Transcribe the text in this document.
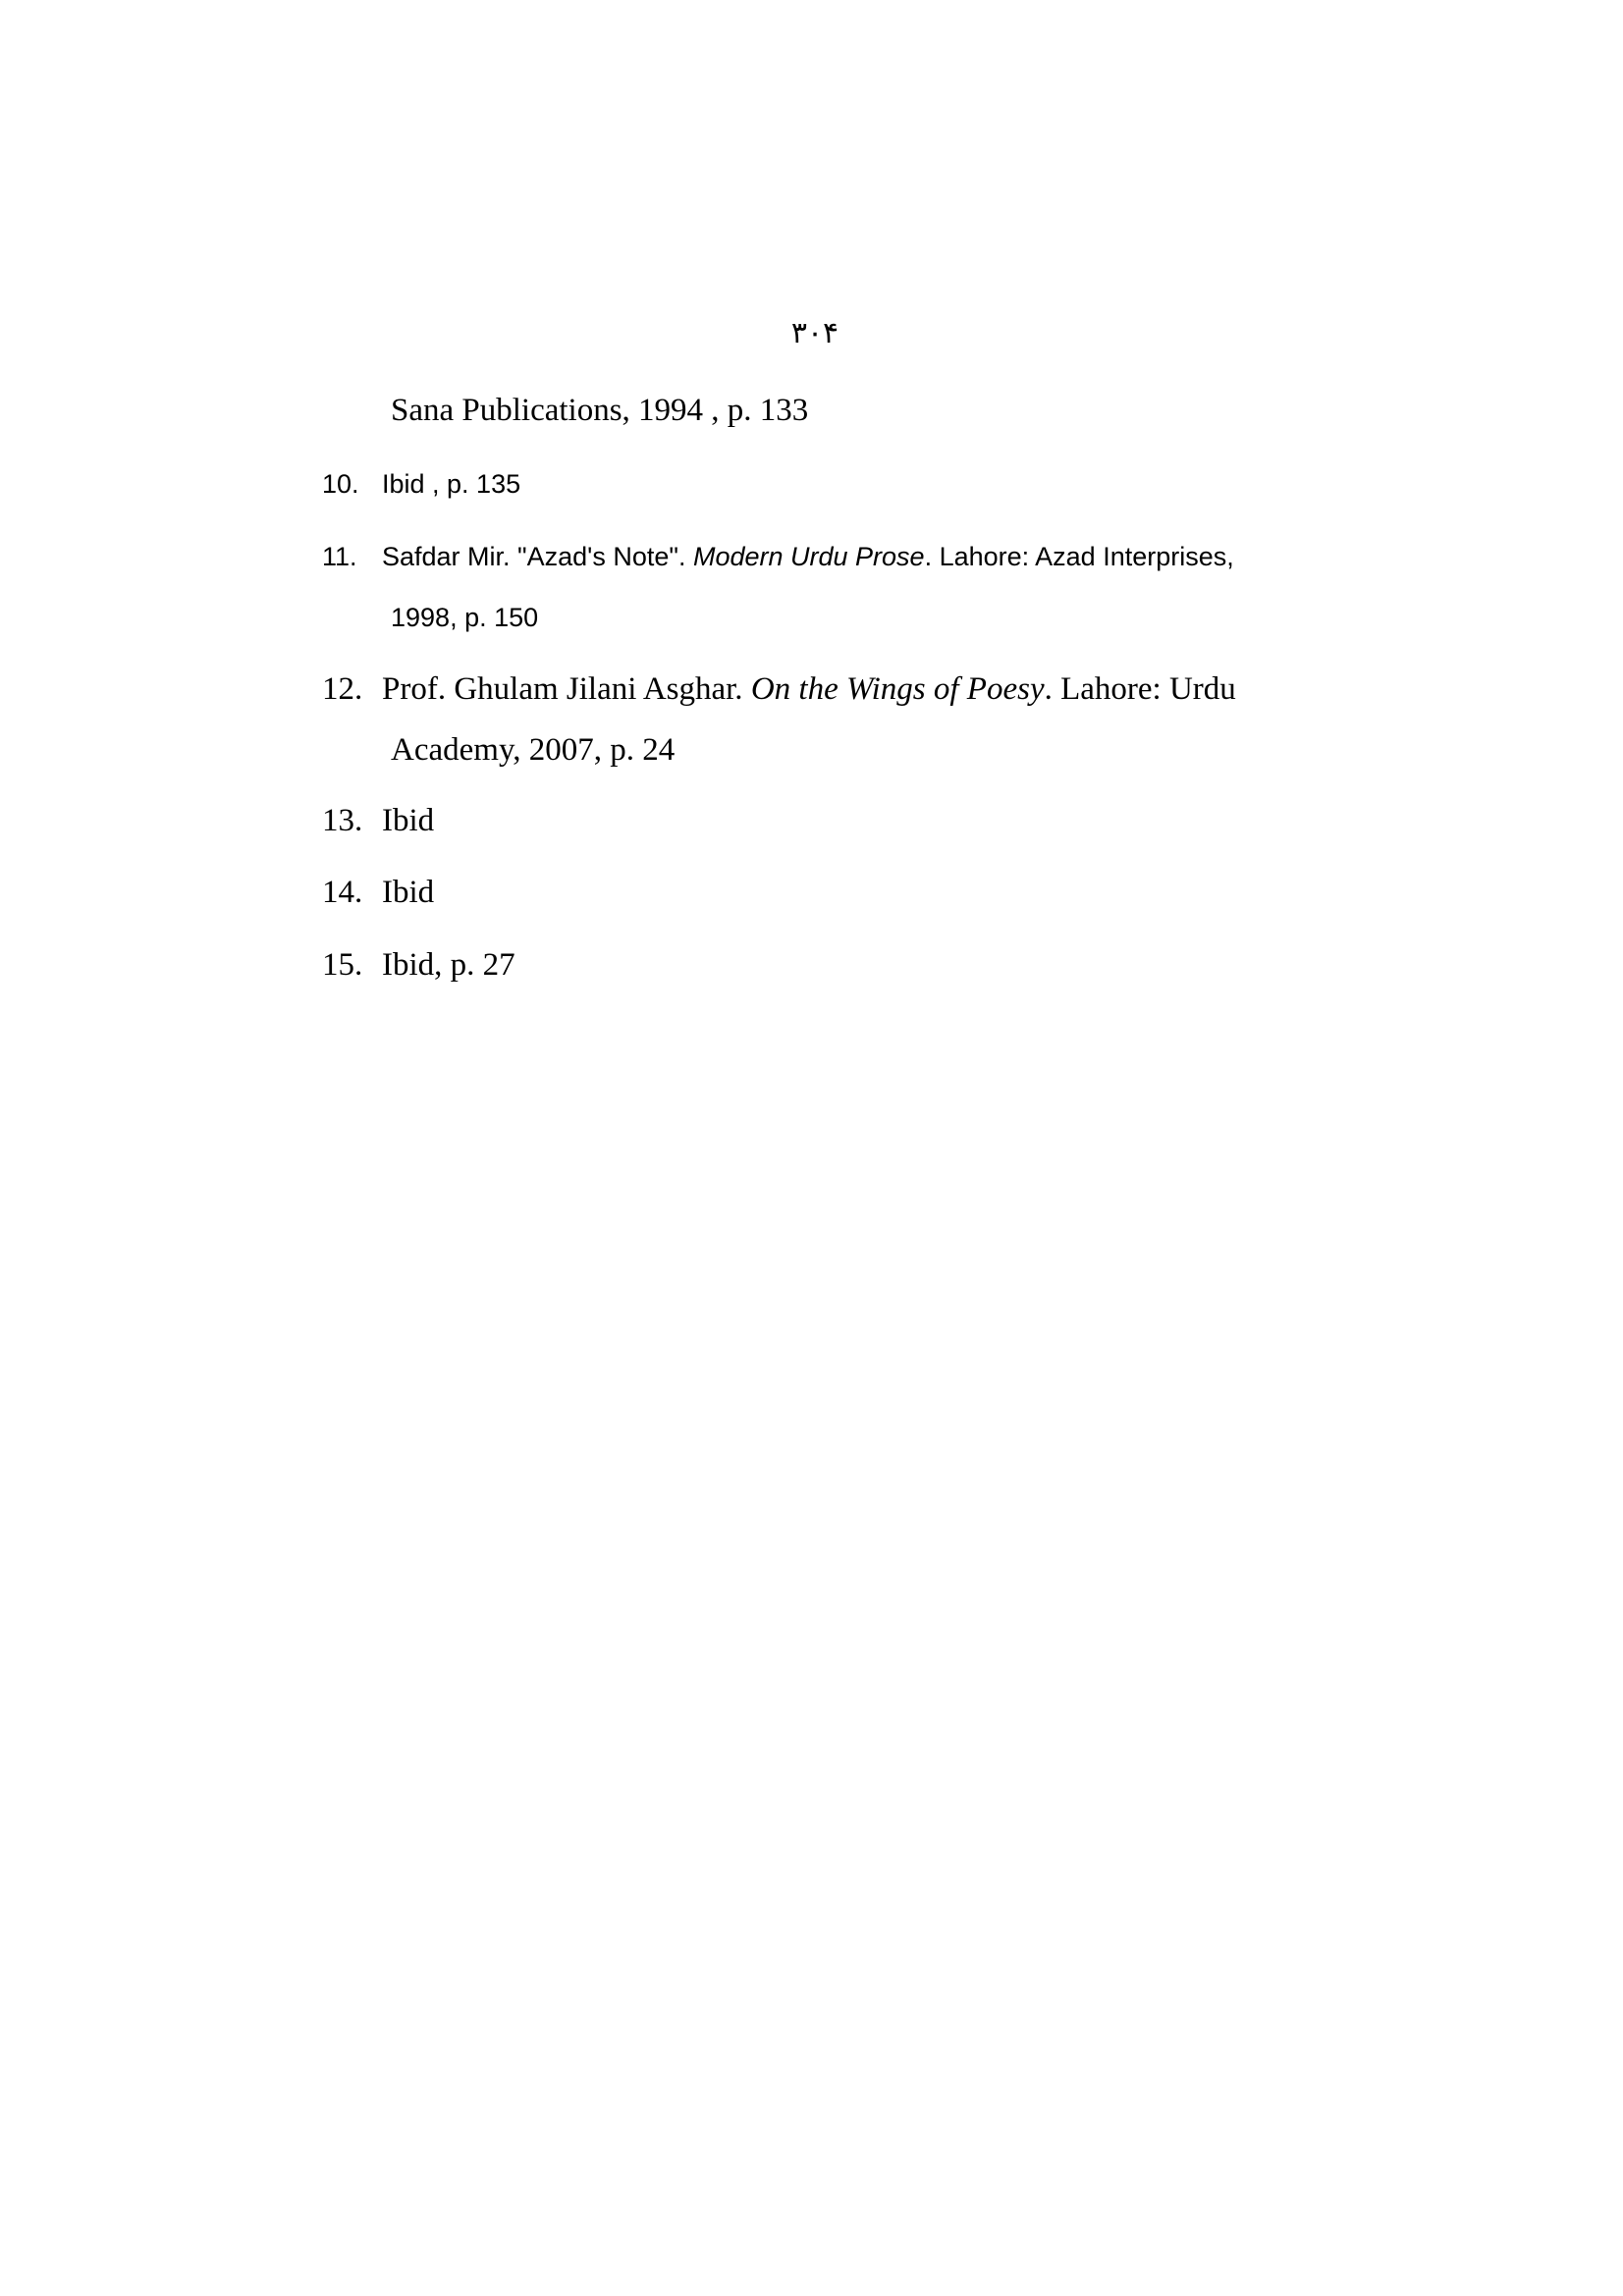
۳۰۴
Sana Publications, 1994 , p. 133
10. Ibid , p. 135
11. Safdar Mir. "Azad's Note". Modern Urdu Prose. Lahore: Azad Interprises,
1998, p. 150
12. Prof. Ghulam Jilani Asghar. On the Wings of Poesy. Lahore: Urdu
Academy, 2007, p. 24
13. Ibid
14. Ibid
15. Ibid, p. 27
